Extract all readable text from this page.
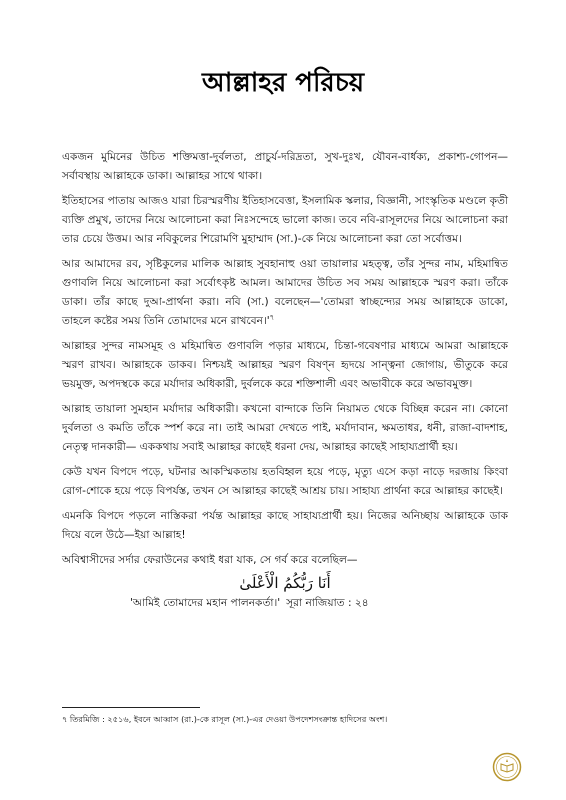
আল্লাহর পরিচয়

একজন মুমিনের উচিত শক্তিমত্তা-দুর্বলতা, প্রাচুর্য-দরিদ্রতা, সুখ-দুঃখ, যৌবন-বার্ধক্য, প্রকাশ্য-গোপন—সর্বাবস্থায় আল্লাহকে ডাকা। আল্লাহর সাথে থাকা।

ইতিহাসের পাতায় আজও যারা চিরস্মরণীয় ইতিহাসবেত্তা, ইসলামিক স্কলার, বিজ্ঞানী, সাংস্কৃতিক মণ্ডলে কৃতী ব্যক্তি প্রমুখ, তাদের নিয়ে আলোচনা করা নিঃসন্দেহে ভালো কাজ। তবে নবি-রাসূলদের নিয়ে আলোচনা করা তার চেয়ে উত্তম। আর নবিকুলের শিরোমণি মুহাম্মাদ (সা.)-কে নিয়ে আলোচনা করা তো সর্বোত্তম।

আর আমাদের রব, সৃষ্টিকুলের মালিক আল্লাহ সুবহানাহু ওয়া তায়ালার মহত্ত্ব, তাঁর সুন্দর নাম, মহিমান্বিত গুণাবলি নিয়ে আলোচনা করা সর্বোৎকৃষ্ট আমল। আমাদের উচিত সব সময় আল্লাহকে স্মরণ করা। তাঁকে ডাকা। তাঁর কাছে দুআ-প্রার্থনা করা। নবি (সা.) বলেছেন—'তোমরা স্বাচ্ছন্দ্যের সময় আল্লাহকে ডাকো, তাহলে কষ্টের সময় তিনি তোমাদের মনে $রাখবেন।'^৭$

আল্লাহর সুন্দর নামসমূহ ও মহিমান্বিত গুণাবলি পড়ার মাধ্যমে, চিন্তা-গবেষণার মাধ্যমে আমরা আল্লাহকে স্মরণ রাখব। আল্লাহকে ডাকব। নিশ্চয়ই আল্লাহর স্মরণ বিষণ্ন হৃদয়ে সান্ত্বনা জোগায়, ভীতুকে করে ভয়মুক্ত, অপদস্থকে করে মর্যাদার অধিকারী, দুর্বলকে করে শক্তিশালী এবং অভাবীকে করে অভাবমুক্ত।

আল্লাহ তায়ালা সুমহান মর্যাদার অধিকারী। কখনো বান্দাকে তিনি নিয়ামত থেকে বিচ্ছিন্ন করেন না। কোনো দুর্বলতা ও কমতি তাঁকে স্পর্শ করে না। তাই আমরা দেখতে পাই, মর্যাদাবান, ক্ষমতাধর, ধনী, রাজা-বাদশাহ, নেতৃত্ব দানকারী— এককথায় সবাই আল্লাহর কাছেই ধরনা দেয়, আল্লাহর কাছেই সাহায্যপ্রার্থী হয়।

কেউ যখন বিপদে পড়ে, ঘটনার আকস্মিকতায় হতবিহ্বল হয়ে পড়ে, মৃত্যু এসে কড়া নাড়ে দরজায় কিংবা রোগ-শোকে হয়ে পড়ে বিপর্যস্ত, তখন সে আল্লাহর কাছেই আশ্রয় চায়। সাহায্য প্রার্থনা করে আল্লাহর কাছেই।

এমনকি বিপদে পড়লে নাস্তিকরা পর্যন্ত আল্লাহর কাছে সাহায্যপ্রার্থী হয়। নিজের অনিচ্ছায় আল্লাহকে ডাক দিয়ে বলে উঠে—ইয়া আল্লাহ!

অবিশ্বাসীদের সর্দার ফেরাউনের কথাই ধরা যাক, সে গর্ব করে বলেছিল—

أَنَا رَبُّكُمُ الْأَعْلَىٰ

'আমিই তোমাদের মহান পালনকর্তা।' সূরা নাজিয়াত : ২৪

৭ তিরমিজি : ২৫১৬, ইবনে আব্বাস (রা.)-কে রাসূল (সা.)-এর দেওয়া উপদেশসংক্রান্ত হাদিসের অংশ।
